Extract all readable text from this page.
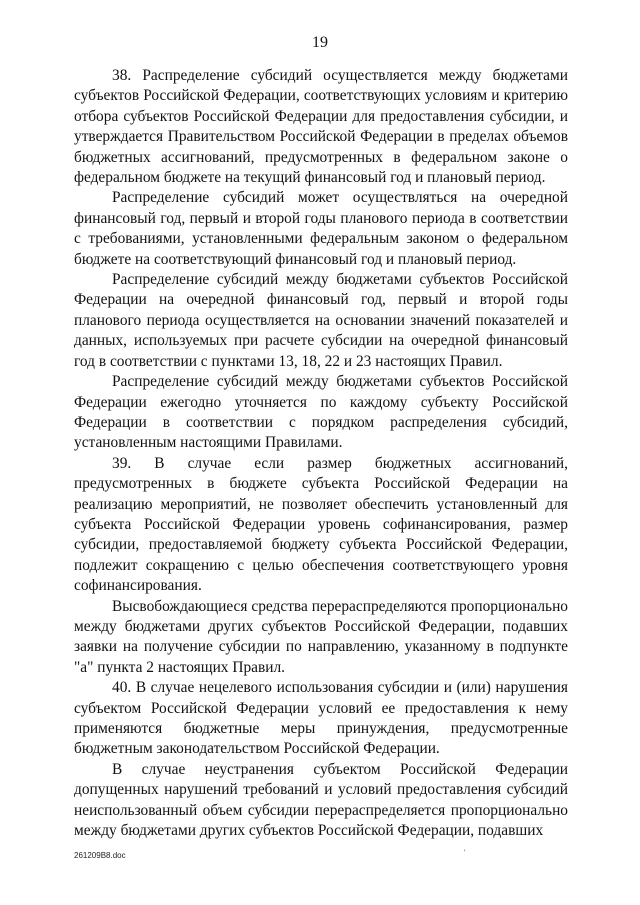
19

38. Распределение субсидий осуществляется между бюджетами субъектов Российской Федерации, соответствующих условиям и критерию отбора субъектов Российской Федерации для предоставления субсидии, и утверждается Правительством Российской Федерации в пределах объемов бюджетных ассигнований, предусмотренных в федеральном законе о федеральном бюджете на текущий финансовый год и плановый период.

Распределение субсидий может осуществляться на очередной финансовый год, первый и второй годы планового периода в соответствии с требованиями, установленными федеральным законом о федеральном бюджете на соответствующий финансовый год и плановый период.

Распределение субсидий между бюджетами субъектов Российской Федерации на очередной финансовый год, первый и второй годы планового периода осуществляется на основании значений показателей и данных, используемых при расчете субсидии на очередной финансовый год в соответствии с пунктами 13, 18, 22 и 23 настоящих Правил.

Распределение субсидий между бюджетами субъектов Российской Федерации ежегодно уточняется по каждому субъекту Российской Федерации в соответствии с порядком распределения субсидий, установленным настоящими Правилами.

39. В случае если размер бюджетных ассигнований, предусмотренных в бюджете субъекта Российской Федерации на реализацию мероприятий, не позволяет обеспечить установленный для субъекта Российской Федерации уровень софинансирования, размер субсидии, предоставляемой бюджету субъекта Российской Федерации, подлежит сокращению с целью обеспечения соответствующего уровня софинансирования.

Высвобождающиеся средства перераспределяются пропорционально между бюджетами других субъектов Российской Федерации, подавших заявки на получение субсидии по направлению, указанному в подпункте "а" пункта 2 настоящих Правил.

40. В случае нецелевого использования субсидии и (или) нарушения субъектом Российской Федерации условий ее предоставления к нему применяются бюджетные меры принуждения, предусмотренные бюджетным законодательством Российской Федерации.

В случае неустранения субъектом Российской Федерации допущенных нарушений требований и условий предоставления субсидий неиспользованный объем субсидии перераспределяется пропорционально между бюджетами других субъектов Российской Федерации, подавших

261209B8.doc	'
